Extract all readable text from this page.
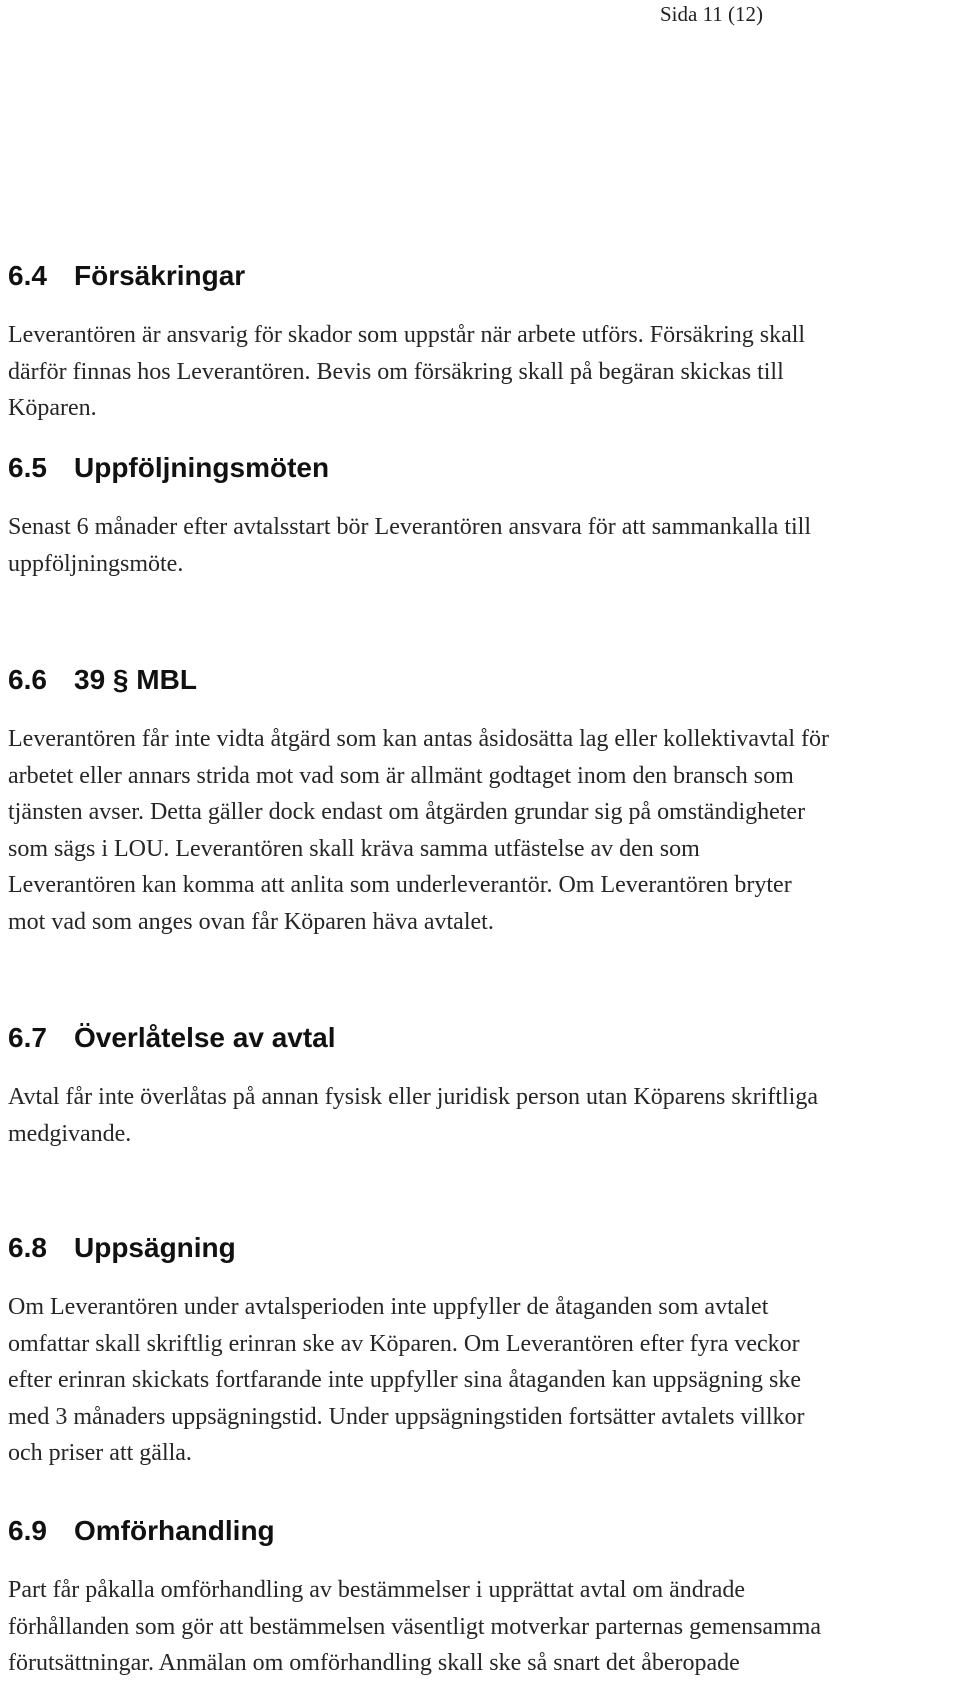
Sida 11 (12)
6.4 Försäkringar

Leverantören är ansvarig för skador som uppstår när arbete utförs. Försäkring skall
därför finnas hos Leverantören. Bevis om försäkring skall på begäran skickas till
Köparen.

6.5 Uppföljningsmöten

Senast 6 månader efter avtalsstart bör Leverantören ansvara för att sammankalla till
uppföljningsmöte.

6.6 39 § MBL

Leverantören får inte vidta åtgärd som kan antas åsidosätta lag eller kollektivavtal för
arbetet eller annars strida mot vad som är allmänt godtaget inom den bransch som
tjänsten avser. Detta gäller dock endast om åtgärden grundar sig på omständigheter
som sägs i LOU. Leverantören skall kräva samma utfästelse av den som
Leverantören kan komma att anlita som underleverantör. Om Leverantören bryter
mot vad som anges ovan får Köparen häva avtalet.

6.7 Överlåtelse av avtal

Avtal får inte överlåtas på annan fysisk eller juridisk person utan Köparens skriftliga
medgivande.

6.8 Uppsägning

Om Leverantören under avtalsperioden inte uppfyller de åtaganden som avtalet
omfattar skall skriftlig erinran ske av Köparen. Om Leverantören efter fyra veckor
efter erinran skickats fortfarande inte uppfyller sina åtaganden kan uppsägning ske
med 3 månaders uppsägningstid. Under uppsägningstiden fortsätter avtalets villkor
och priser att gälla.

6.9 Omförhandling

Part får påkalla omförhandling av bestämmelser i upprättat avtal om ändrade
förhållanden som gör att bestämmelsen väsentligt motverkar parternas gemensamma
förutsättningar. Anmälan om omförhandling skall ske så snart det åberopade
